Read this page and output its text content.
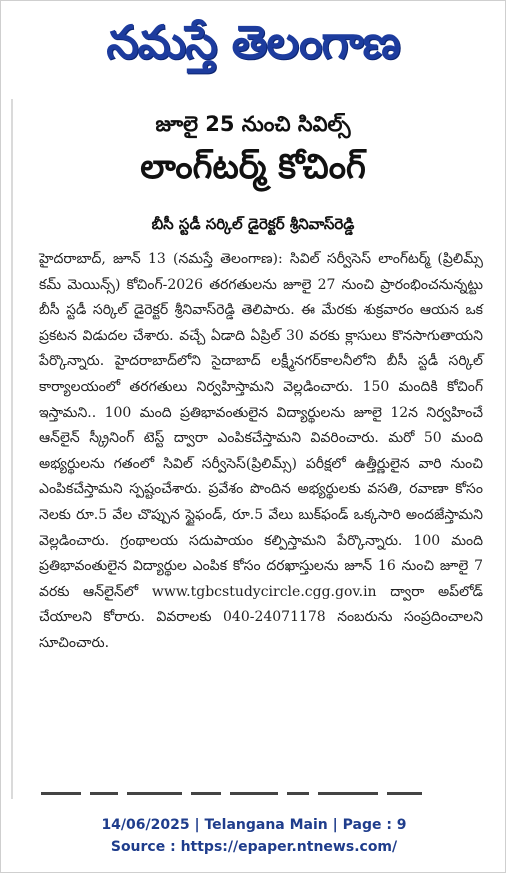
నమస్తే తెలంగాణ
జూలై 25 నుంచి సివిల్స్
లాంగ్‌టర్మ్ కోచింగ్
బీసీ స్టడీ సర్కిల్ డైరెక్టర్ శ్రీనివాస్‌రెడ్డి

హైదరాబాద్, జూన్ 13 (నమస్తే తెలంగాణ): సివిల్ సర్వీసెస్ లాంగ్‌టర్మ్ (ప్రిలిమ్స్ కమ్ మెయిన్స్) కోచింగ్-2026 తరగతులను జూలై 27 నుంచి ప్రారంభించనున్నట్టు బీసీ స్టడీ సర్కిల్ డైరెక్టర్ శ్రీనివాస్‌రెడ్డి తెలిపారు. ఈ మేరకు శుక్రవారం ఆయన ఒక ప్రకటన విడుదల చేశారు. వచ్చే ఏడాది ఏప్రిల్ 30 వరకు క్లాసులు కొనసాగుతాయని పేర్కొన్నారు. హైదరాబాద్‌లోని సైదాబాద్ లక్ష్మీనగర్‌కాలనీలోని బీసీ స్టడీ సర్కిల్ కార్యాలయంలో తరగతులు నిర్వహిస్తామని వెల్లడించారు. 150 మందికి కోచింగ్ ఇస్తామని.. 100 మంది ప్రతిభావంతులైన విద్యార్థులను జూలై 12న నిర్వహించే ఆన్‌లైన్ స్క్రీనింగ్ టెస్ట్ ద్వారా ఎంపికచేస్తామని వివరించారు. మరో 50 మంది అభ్యర్థులను గతంలో సివిల్ సర్వీసెస్(ప్రిలిమ్స్) పరీక్షలో ఉత్తీర్ణులైన వారి నుంచి ఎంపికచేస్తామని స్పష్టంచేశారు. ప్రవేశం పొందిన అభ్యర్థులకు వసతి, రవాణా కోసం నెలకు రూ.5 వేల చొప్పున స్టైఫండ్, రూ.5 వేలు బుక్‌ఫండ్ ఒక్కసారి అందజేస్తామని వెల్లడించారు. గ్రంథాలయ సదుపాయం కల్పిస్తామని పేర్కొన్నారు. 100 మంది ప్రతిభావంతులైన విద్యార్థుల ఎంపిక కోసం దరఖాస్తులను జూన్ 16 నుంచి జూలై 7 వరకు ఆన్‌లైన్‌లో www.tgbcstudycircle.cgg.gov.in ద్వారా అప్‌లోడ్ చేయాలని కోరారు. వివరాలకు 040-24071178 నంబరును సంప్రదించాలని సూచించారు.

14/06/2025 | Telangana Main | Page : 9
Source : https://epaper.ntnews.com/
